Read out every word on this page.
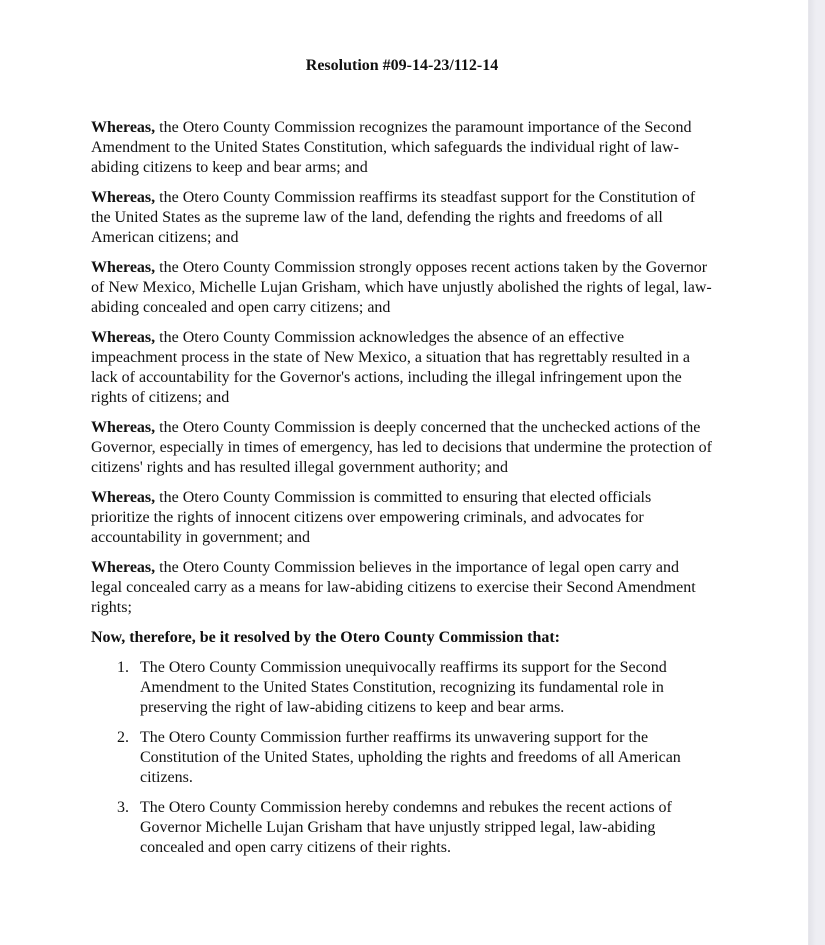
Resolution #09-14-23/112-14

Whereas, the Otero County Commission recognizes the paramount importance of the Second Amendment to the United States Constitution, which safeguards the individual right of law-abiding citizens to keep and bear arms; and

Whereas, the Otero County Commission reaffirms its steadfast support for the Constitution of the United States as the supreme law of the land, defending the rights and freedoms of all American citizens; and

Whereas, the Otero County Commission strongly opposes recent actions taken by the Governor of New Mexico, Michelle Lujan Grisham, which have unjustly abolished the rights of legal, law-abiding concealed and open carry citizens; and

Whereas, the Otero County Commission acknowledges the absence of an effective impeachment process in the state of New Mexico, a situation that has regrettably resulted in a lack of accountability for the Governor's actions, including the illegal infringement upon the rights of citizens; and

Whereas, the Otero County Commission is deeply concerned that the unchecked actions of the Governor, especially in times of emergency, has led to decisions that undermine the protection of citizens' rights and has resulted illegal government authority; and

Whereas, the Otero County Commission is committed to ensuring that elected officials prioritize the rights of innocent citizens over empowering criminals, and advocates for accountability in government; and

Whereas, the Otero County Commission believes in the importance of legal open carry and legal concealed carry as a means for law-abiding citizens to exercise their Second Amendment rights;

Now, therefore, be it resolved by the Otero County Commission that:

1. The Otero County Commission unequivocally reaffirms its support for the Second Amendment to the United States Constitution, recognizing its fundamental role in preserving the right of law-abiding citizens to keep and bear arms.
2. The Otero County Commission further reaffirms its unwavering support for the Constitution of the United States, upholding the rights and freedoms of all American citizens.
3. The Otero County Commission hereby condemns and rebukes the recent actions of Governor Michelle Lujan Grisham that have unjustly stripped legal, law-abiding concealed and open carry citizens of their rights.
